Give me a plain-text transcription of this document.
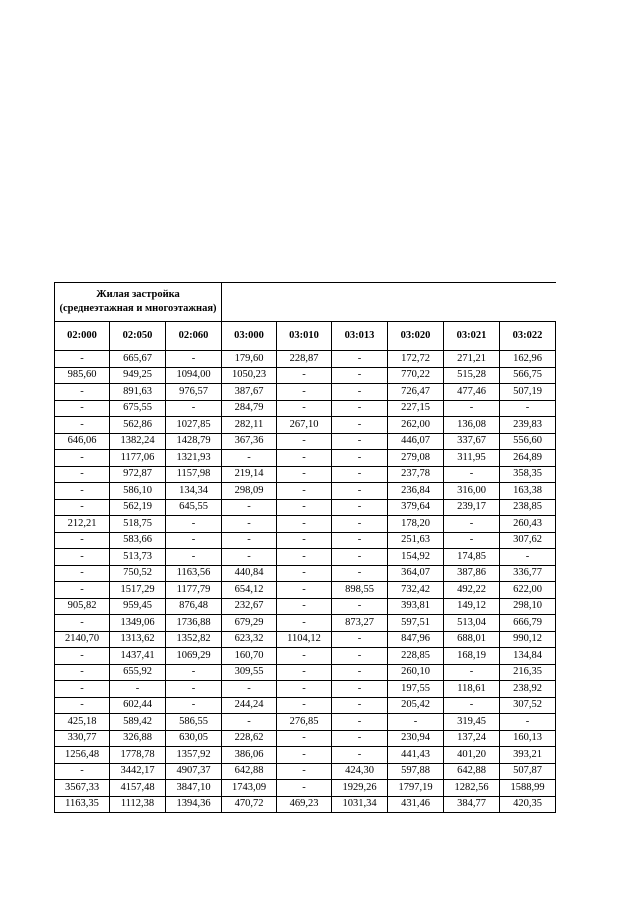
Жилая застройка
(среднеэтажная и многоэтажная)								
02:000	02:050	02:060	03:000	03:010	03:013	03:020	03:021	03:022
-	665,67	-	179,60	228,87	-	172,72	271,21	162,96
985,60	949,25	1094,00	1050,23	-	-	770,22	515,28	566,75
-	891,63	976,57	387,67	-	-	726,47	477,46	507,19
-	675,55	-	284,79	-	-	227,15	-	-
-	562,86	1027,85	282,11	267,10	-	262,00	136,08	239,83
646,06	1382,24	1428,79	367,36	-	-	446,07	337,67	556,60
-	1177,06	1321,93	-	-	-	279,08	311,95	264,89
-	972,87	1157,98	219,14	-	-	237,78	-	358,35
-	586,10	134,34	298,09	-	-	236,84	316,00	163,38
-	562,19	645,55	-	-	-	379,64	239,17	238,85
212,21	518,75	-	-	-	-	178,20	-	260,43
-	583,66	-	-	-	-	251,63	-	307,62
-	513,73	-	-	-	-	154,92	174,85	-
-	750,52	1163,56	440,84	-	-	364,07	387,86	336,77
-	1517,29	1177,79	654,12	-	898,55	732,42	492,22	622,00
905,82	959,45	876,48	232,67	-	-	393,81	149,12	298,10
-	1349,06	1736,88	679,29	-	873,27	597,51	513,04	666,79
2140,70	1313,62	1352,82	623,32	1104,12	-	847,96	688,01	990,12
-	1437,41	1069,29	160,70	-	-	228,85	168,19	134,84
-	655,92	-	309,55	-	-	260,10	-	216,35
-	-	-	-	-	-	197,55	118,61	238,92
-	602,44	-	244,24	-	-	205,42	-	307,52
425,18	589,42	586,55	-	276,85	-	-	319,45	-
330,77	326,88	630,05	228,62	-	-	230,94	137,24	160,13
1256,48	1778,78	1357,92	386,06	-	-	441,43	401,20	393,21
-	3442,17	4907,37	642,88	-	424,30	597,88	642,88	507,87
3567,33	4157,48	3847,10	1743,09	-	1929,26	1797,19	1282,56	1588,99
1163,35	1112,38	1394,36	470,72	469,23	1031,34	431,46	384,77	420,35
